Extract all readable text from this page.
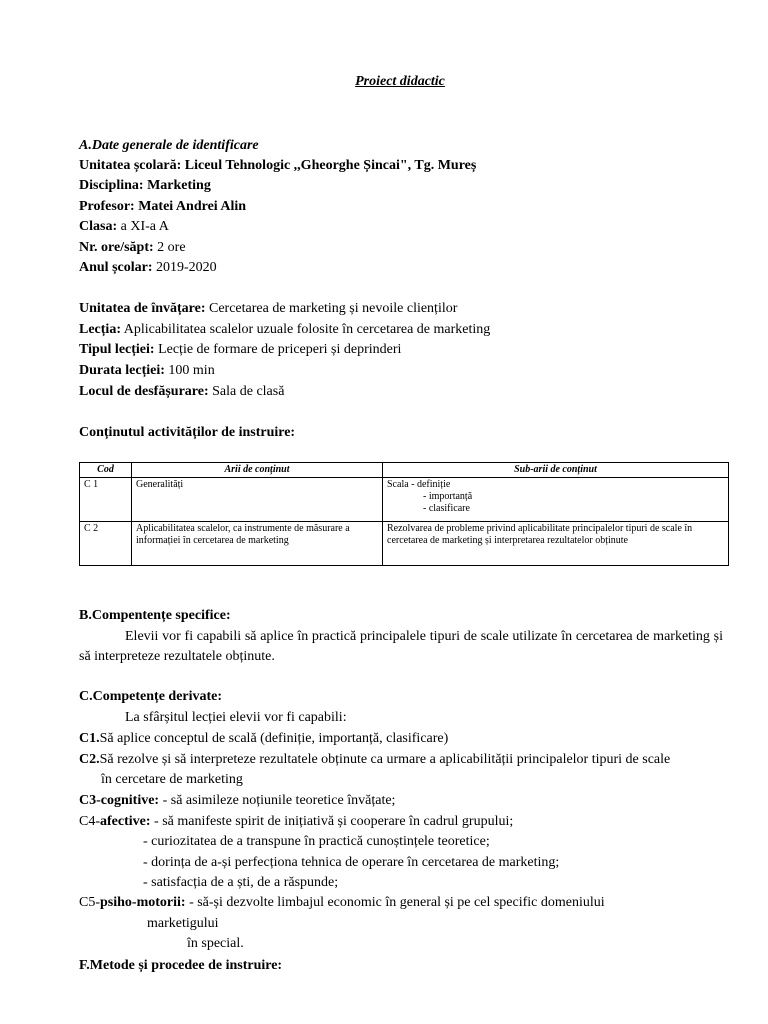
Proiect didactic
A.Date generale de identificare
Unitatea școlară: Liceul Tehnologic ,,Gheorghe Șincai", Tg. Mureș
Disciplina: Marketing
Profesor: Matei Andrei Alin
Clasa: a XI-a A
Nr. ore/săpt: 2 ore
Anul școlar: 2019-2020
Unitatea de învățare: Cercetarea de marketing și nevoile clienților
Lecția: Aplicabilitatea scalelor uzuale folosite în cercetarea de marketing
Tipul lecției: Lecție de formare de priceperi și deprinderi
Durata lecției: 100 min
Locul de desfășurare: Sala de clasă
Conținutul activităților de instruire:
Cod	Arii de conținut	Sub-arii de conținut
C 1	Generalități	Scala - definiție
- importanță
- clasificare

C 2	Aplicabilitatea scalelor, ca instrumente de măsurare a informației în cercetarea de marketing	Rezolvarea de probleme privind aplicabilitate principalelor tipuri de scale în cercetarea de marketing și interpretarea rezultatelor obținute
B.Compentențe specifice:
Elevii vor fi capabili să aplice în practică principalele tipuri de scale utilizate în cercetarea de marketing și să interpreteze rezultatele obținute.
C.Competențe derivate:
La sfârșitul lecției elevii vor fi capabili:
C1.Să aplice conceptul de scală (definiție, importanță, clasificare)
C2.Să rezolve și să interpreteze rezultatele obținute ca urmare a aplicabilității principalelor tipuri de scale
în cercetare de marketing
C3-cognitive: - să asimileze noțiunile teoretice învățate;
C4-afective: - să manifeste spirit de inițiativă și cooperare în cadrul grupului;
- curiozitatea de a transpune în practică cunoștințele teoretice;
- dorința de a-și perfecționa tehnica de operare în cercetarea de marketing;
- satisfacția de a ști, de a răspunde;
C5-psiho-motorii: - să-și dezvolte limbajul economic în general și pe cel specific domeniului
marketigului
în special.
F.Metode și procedee de instruire:
